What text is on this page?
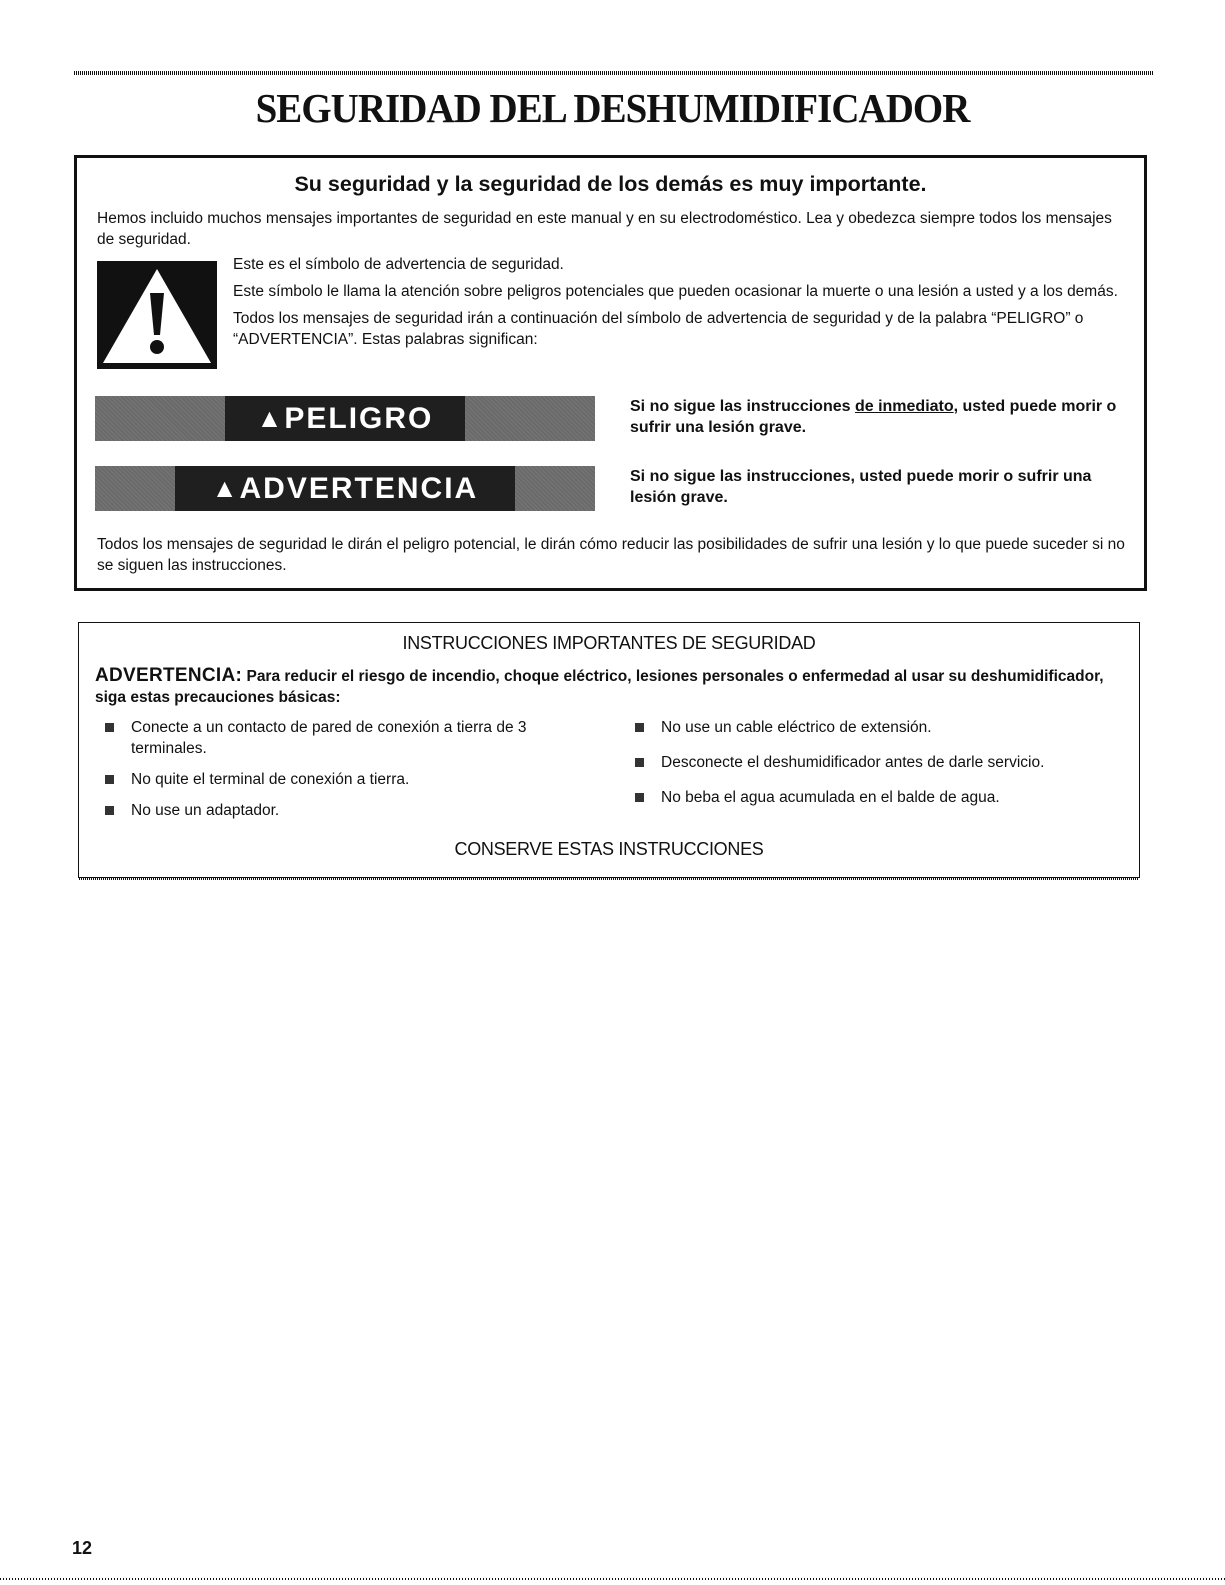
SEGURIDAD DEL DESHUMIDIFICADOR
Su seguridad y la seguridad de los demás es muy importante.
Hemos incluido muchos mensajes importantes de seguridad en este manual y en su electrodoméstico. Lea y obedezca siempre todos los mensajes de seguridad.

Este es el símbolo de advertencia de seguridad.

Este símbolo le llama la atención sobre peligros potenciales que pueden ocasionar la muerte o una lesión a usted y a los demás.

Todos los mensajes de seguridad irán a continuación del símbolo de advertencia de seguridad y de la palabra “PELIGRO” o “ADVERTENCIA”. Estas palabras significan:

▲ PELIGRO	Si no sigue las instrucciones de inmediato, usted puede morir o sufrir una lesión grave.
▲ ADVERTENCIA	Si no sigue las instrucciones, usted puede morir o sufrir una lesión grave.
Todos los mensajes de seguridad le dirán el peligro potencial, le dirán cómo reducir las posibilidades de sufrir una lesión y lo que puede suceder si no se siguen las instrucciones.
INSTRUCCIONES IMPORTANTES DE SEGURIDAD
ADVERTENCIA: Para reducir el riesgo de incendio, choque eléctrico, lesiones personales o enfermedad al usar su deshumidificador, siga estas precauciones básicas:
Conecte a un contacto de pared de conexión a tierra de 3 terminales.
No quite el terminal de conexión a tierra.
No use un adaptador.
No use un cable eléctrico de extensión.
Desconecte el deshumidificador antes de darle servicio.
No beba el agua acumulada en el balde de agua.
CONSERVE ESTAS INSTRUCCIONES
12
